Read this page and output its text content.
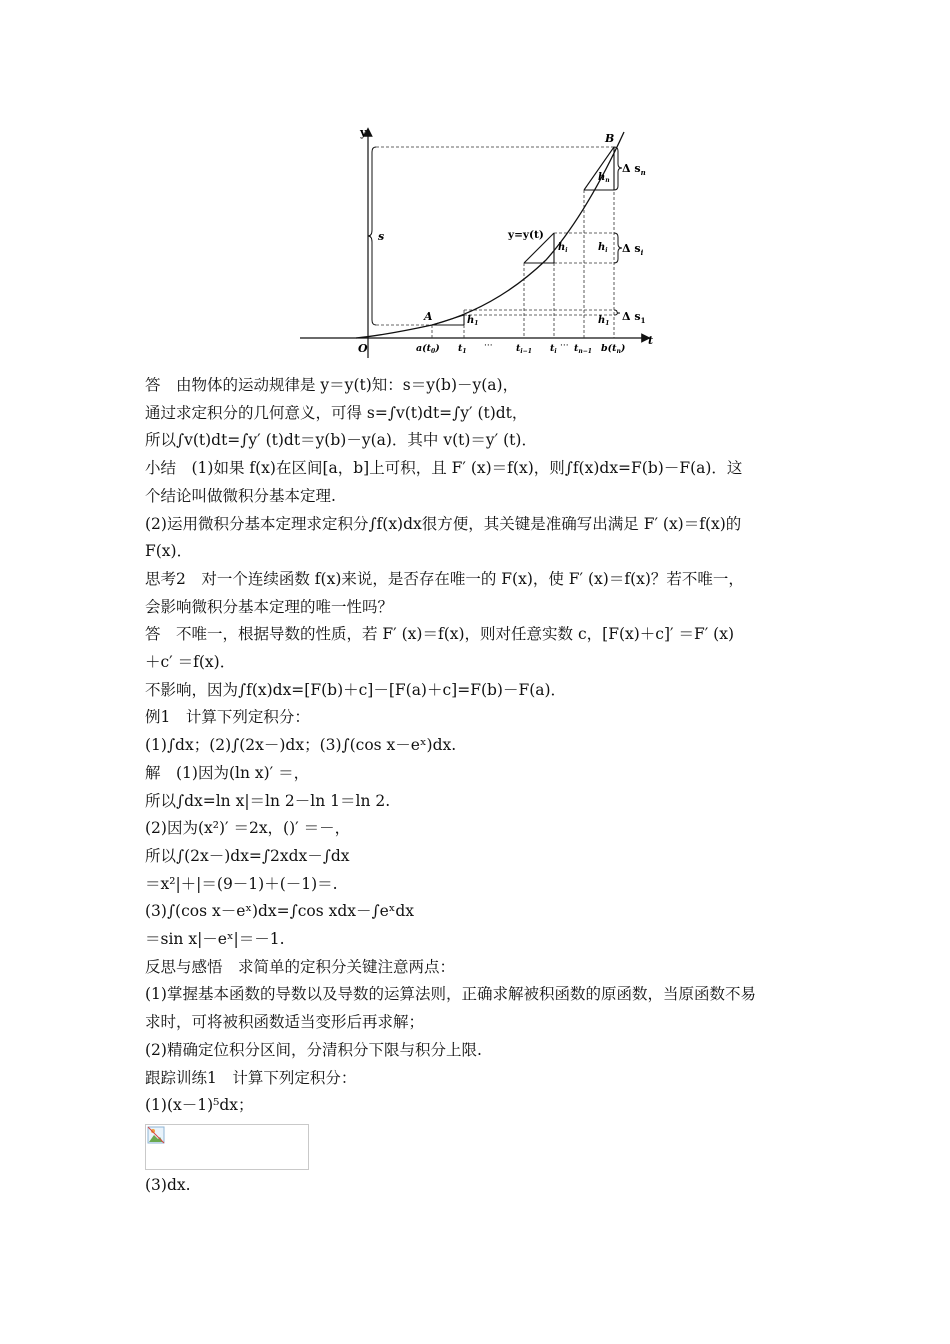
y
t
O
s
Δ $s_n$
Δ $s_i$
Δ $s_1$
$h_n$
$h_i$	$h_i$
$h_1$	$h_1$
A
B
y=y(t)
$a(t_0)$ $t_1$
··· $t_{i-1}$ $t_i$
··· $t_{n-1}$ $b(t_n)$
答　由物体的运动规律是 y＝y(t)知：s＝y(b)－y(a)，
通过求定积分的几何意义，可得 s=∫v(t)dt=∫y′ (t)dt，
所以∫v(t)dt=∫y′ (t)dt＝y(b)－y(a)．其中 v(t)＝y′ (t)．
小结　(1)如果 f(x)在区间[a，b]上可积，且 F′ (x)＝f(x)，则∫f(x)dx=F(b)－F(a)．这
个结论叫做微积分基本定理.
(2)运用微积分基本定理求定积分∫f(x)dx很方便，其关键是准确写出满足 F′ (x)＝f(x)的
F(x)．
思考2　对一个连续函数 f(x)来说，是否存在唯一的 F(x)，使 F′ (x)＝f(x)？若不唯一，
会影响微积分基本定理的唯一性吗？
答　不唯一，根据导数的性质，若 F′ (x)＝f(x)，则对任意实数 c，[F(x)＋c]′ ＝F′ (x)
＋c′ ＝f(x)．
不影响，因为∫f(x)dx=[F(b)＋c]－[F(a)＋c]=F(b)－F(a)．
例1　计算下列定积分：
(1)∫dx；(2)∫(2x－)dx；(3)∫(cos x－eˣ)dx.
解　(1)因为(ln x)′ ＝，
所以∫dx=ln x|＝ln 2－ln 1＝ln 2.
(2)因为(x²)′ ＝2x，()′ ＝－，
所以∫(2x－)dx=∫2xdx－∫dx
＝x²|＋|＝(9－1)＋(－1)＝.
(3)∫(cos x－eˣ)dx=∫cos xdx－∫eˣdx
＝sin x|－eˣ|＝－1.
反思与感悟　求简单的定积分关键注意两点：
(1)掌握基本函数的导数以及导数的运算法则，正确求解被积函数的原函数，当原函数不易
求时，可将被积函数适当变形后再求解；
(2)精确定位积分区间，分清积分下限与积分上限.
跟踪训练1　计算下列定积分：
(1)(x－1)⁵dx；
(3)dx.
